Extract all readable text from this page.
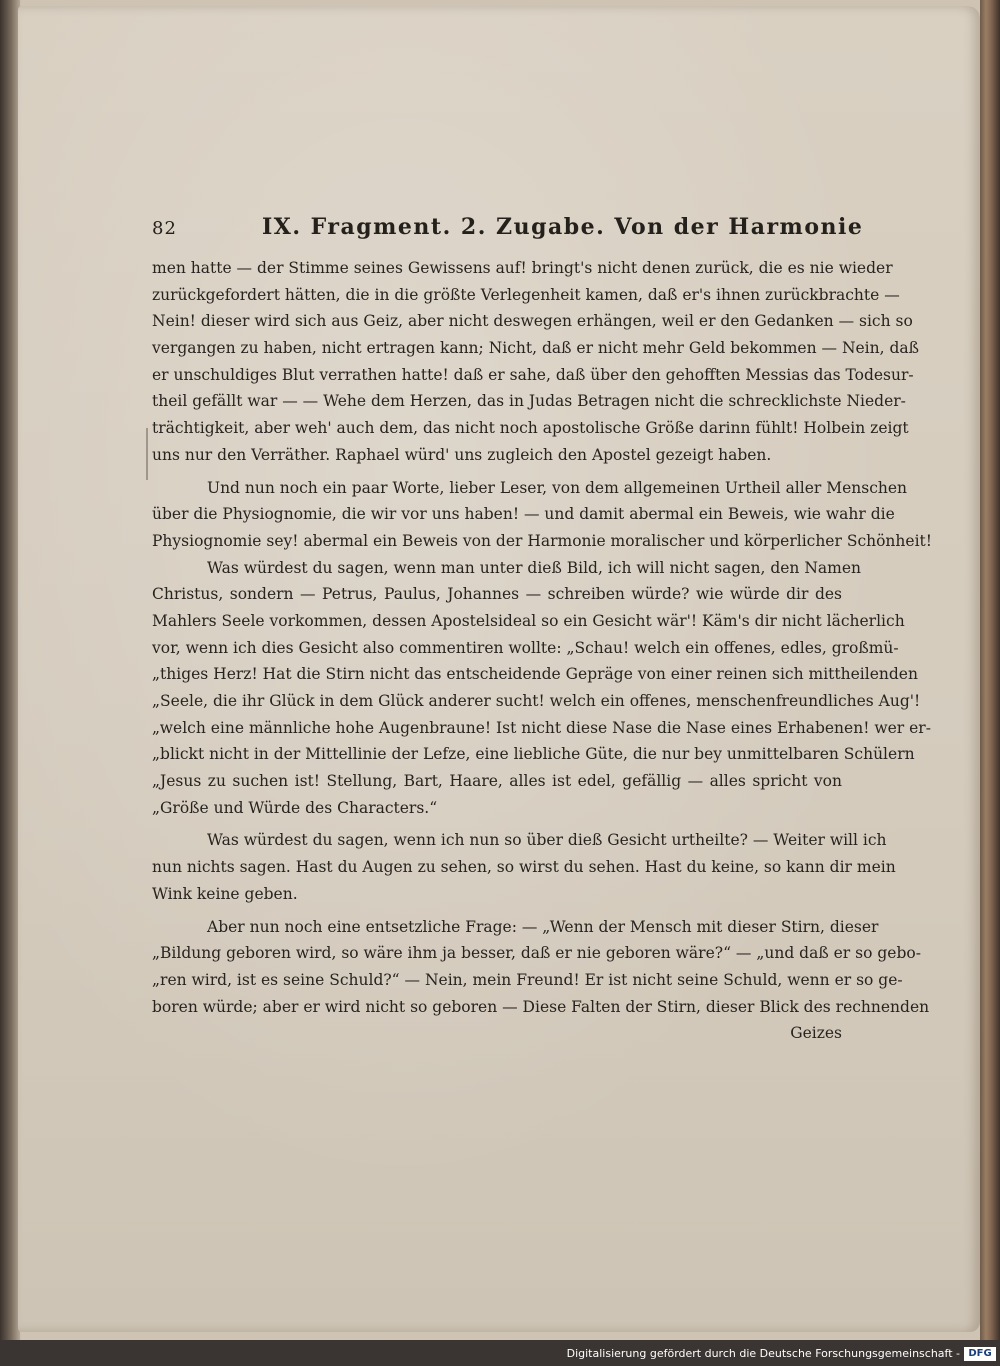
82	IX. Fragment. 2. Zugabe. Von der Harmonie
men hatte — der Stimme seines Gewissens auf! bringt's nicht denen zurück, die es nie wieder
zurückgefordert hätten, die in die größte Verlegenheit kamen, daß er's ihnen zurückbrachte —
Nein! dieser wird sich aus Geiz, aber nicht deswegen erhängen, weil er den Gedanken — sich so
vergangen zu haben, nicht ertragen kann; Nicht, daß er nicht mehr Geld bekommen — Nein, daß
er unschuldiges Blut verrathen hatte! daß er sahe, daß über den gehofften Messias das Todesur-
theil gefällt war — — Wehe dem Herzen, das in Judas Betragen nicht die schrecklichste Nieder-
trächtigkeit, aber weh' auch dem, das nicht noch apostolische Größe darinn fühlt! Holbein zeigt
uns nur den Verräther. Raphael würd' uns zugleich den Apostel gezeigt haben.
Und nun noch ein paar Worte, lieber Leser, von dem allgemeinen Urtheil aller Menschen
über die Physiognomie, die wir vor uns haben! — und damit abermal ein Beweis, wie wahr die
Physiognomie sey! abermal ein Beweis von der Harmonie moralischer und körperlicher Schönheit!
Was würdest du sagen, wenn man unter dieß Bild, ich will nicht sagen, den Namen
Christus, sondern — Petrus, Paulus, Johannes — schreiben würde? wie würde dir des
Mahlers Seele vorkommen, dessen Apostelsideal so ein Gesicht wär'! Käm's dir nicht lächerlich
vor, wenn ich dies Gesicht also commentiren wollte: „Schau! welch ein offenes, edles, großmü-
„thiges Herz! Hat die Stirn nicht das entscheidende Gepräge von einer reinen sich mittheilenden
„Seele, die ihr Glück in dem Glück anderer sucht! welch ein offenes, menschenfreundliches Aug'!
„welch eine männliche hohe Augenbraune! Ist nicht diese Nase die Nase eines Erhabenen! wer er-
„blickt nicht in der Mittellinie der Lefze, eine liebliche Güte, die nur bey unmittelbaren Schülern
„Jesus zu suchen ist! Stellung, Bart, Haare, alles ist edel, gefällig — alles spricht von
„Größe und Würde des Characters.“
Was würdest du sagen, wenn ich nun so über dieß Gesicht urtheilte? — Weiter will ich
nun nichts sagen. Hast du Augen zu sehen, so wirst du sehen. Hast du keine, so kann dir mein
Wink keine geben.
Aber nun noch eine entsetzliche Frage: — „Wenn der Mensch mit dieser Stirn, dieser
„Bildung geboren wird, so wäre ihm ja besser, daß er nie geboren wäre?“ — „und daß er so gebo-
„ren wird, ist es seine Schuld?“ — Nein, mein Freund! Er ist nicht seine Schuld, wenn er so ge-
boren würde; aber er wird nicht so geboren — Diese Falten der Stirn, dieser Blick des rechnenden
Geizes
Digitalisierung gefördert durch die Deutsche Forschungsgemeinschaft - DFG
